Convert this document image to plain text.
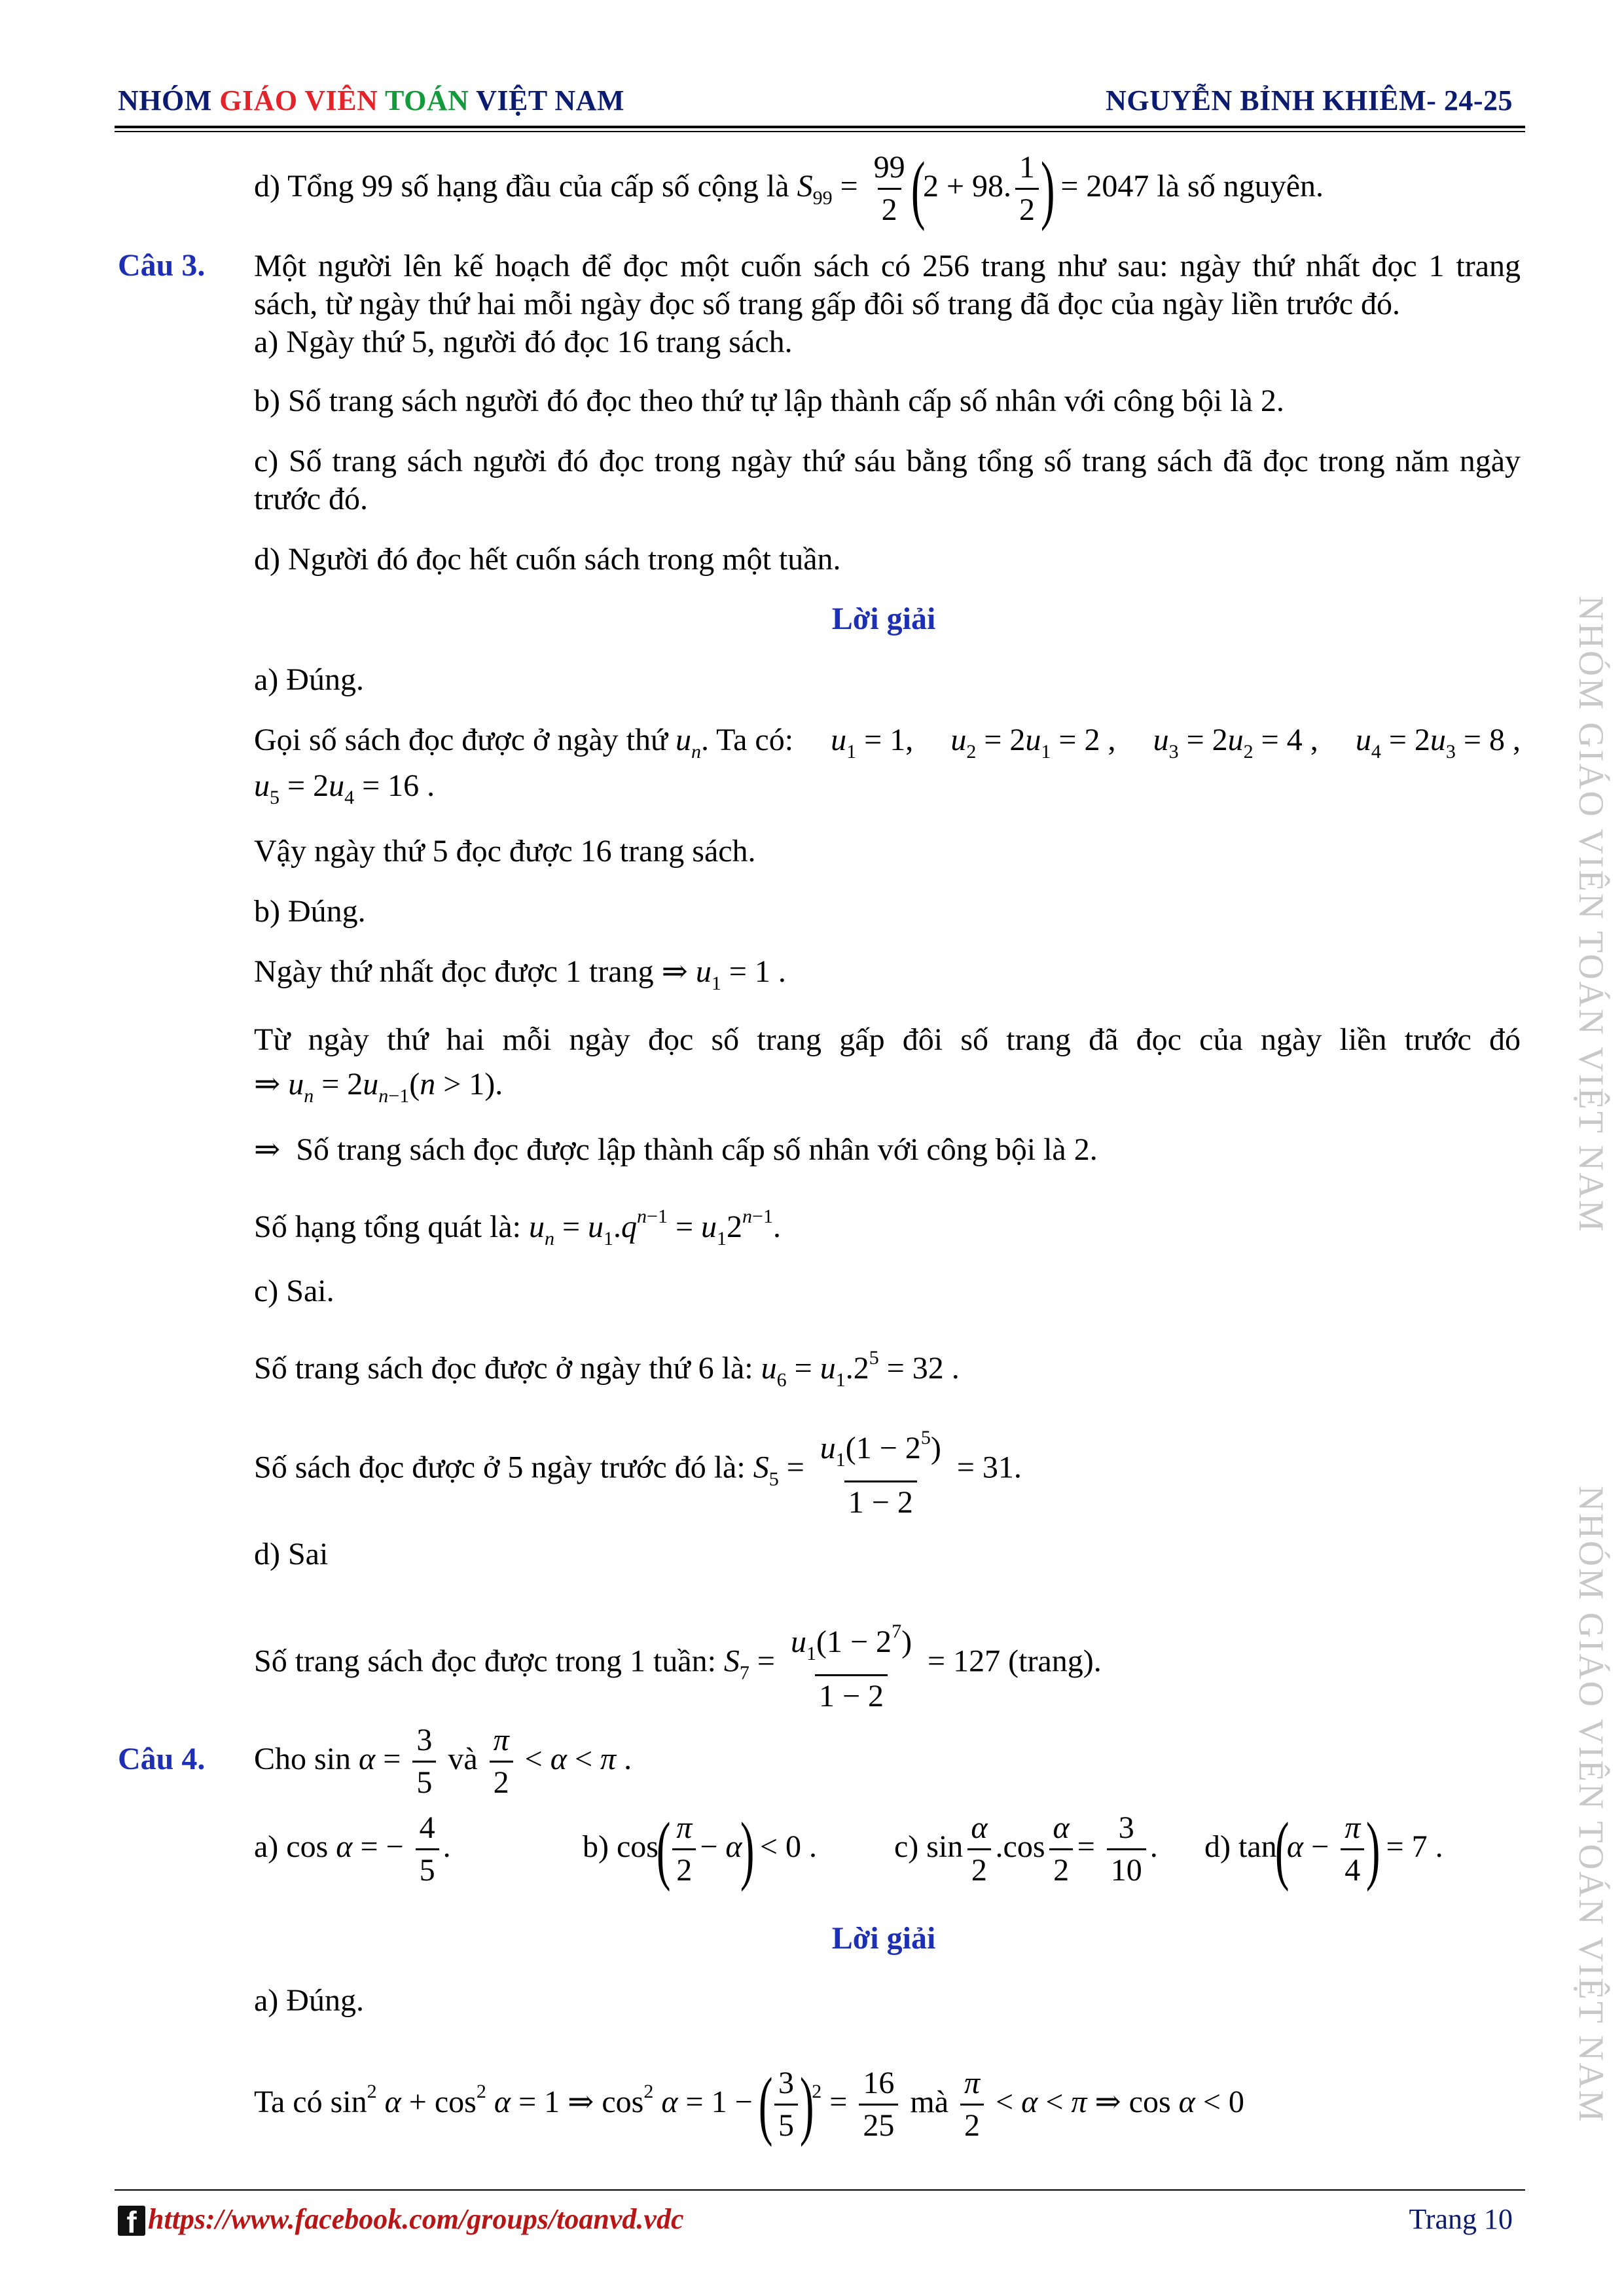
NHÓM GIÁO VIÊN TOÁN VIỆT NAM	NGUYỄN BỈNH KHIÊM- 24-25
NHÓM GIÁO VIÊN TOÁN VIỆT NAM
NHÓM GIÁO VIÊN TOÁN VIỆT NAM
d) Tổng 99 số hạng đầu của cấp số cộng là $S_{99} = \frac{99}{2} (2 + 98$. $\frac{1}{2}$ ) = 2047 là số nguyên.
Câu 3. Một người lên kế hoạch để đọc một cuốn sách có 256 trang như sau: ngày thứ nhất đọc 1 trang
sách, từ ngày thứ hai mỗi ngày đọc số trang gấp đôi số trang đã đọc của ngày liền trước đó.
a) Ngày thứ 5, người đó đọc 16 trang sách.
b) Số trang sách người đó đọc theo thứ tự lập thành cấp số nhân với công bội là 2.
c) Số trang sách người đó đọc trong ngày thứ sáu bằng tổng số trang sách đã đọc trong năm ngày
trước đó.
d) Người đó đọc hết cuốn sách trong một tuần.
Lời giải
a) Đúng.
Gọi số sách đọc được ở ngày thứ $u_n$. Ta có: $u_1 = 1$, $u_2 = 2u_1 = 2$ , $u_3 = 2u_2 = 4$ , $u_4 = 2u_3 = 8$ ,
$u_5 = 2u_4 = 16$ .
Vậy ngày thứ 5 đọc được 16 trang sách.
b) Đúng.
Ngày thứ nhất đọc được 1 trang ⇒ $u_1 = 1$ .
Từ ngày thứ hai mỗi ngày đọc số trang gấp đôi số trang đã đọc của ngày liền trước đó
⇒ $u_n = 2u_{n-1}(n > 1)$.
⇒  Số trang sách đọc được lập thành cấp số nhân với công bội là 2.
Số hạng tổng quát là: $u_n = u_1.q^{n-1} = u_12^{n-1}$.
c) Sai.
Số trang sách đọc được ở ngày thứ 6 là: $u_6 = u_1.2^5 = 32$ .
Số sách đọc được ở 5 ngày trước đó là: $S_5 = \frac{u_1(1 - 2^5)}{1 - 2} = 31$.
d) Sai
Số trang sách đọc được trong 1 tuần: $S_7 = \frac{u_1(1 - 2^7)}{1 - 2} = 127$ (trang).
Câu 4. Cho $\sin \alpha = \frac{3}{5}$ và $\frac{\pi}{2} < \alpha < \pi$ .
a) cos α = − $\frac{4}{5}$ .	b) $\cos( \frac{\pi}{2} - \alpha) < 0$ . c) $\sin \frac{\alpha}{2} .\cos \frac{\alpha}{2} = \frac{3}{10}$ . d) $\tan(\alpha - \frac{\pi}{4}$ ) = 7 .
Lời giải
a) Đúng.
Ta có $\sin^2 \alpha + \cos^2 \alpha = 1$ ⇒ $\cos^2 \alpha = 1$ − ( $\frac{3}{5} )^2 = \frac{16}{25}$ mà $\frac{\pi}{2} < \alpha < \pi$ ⇒ cos α < 0
f https://www.facebook.com/groups/toanvd.vdc	Trang 10
